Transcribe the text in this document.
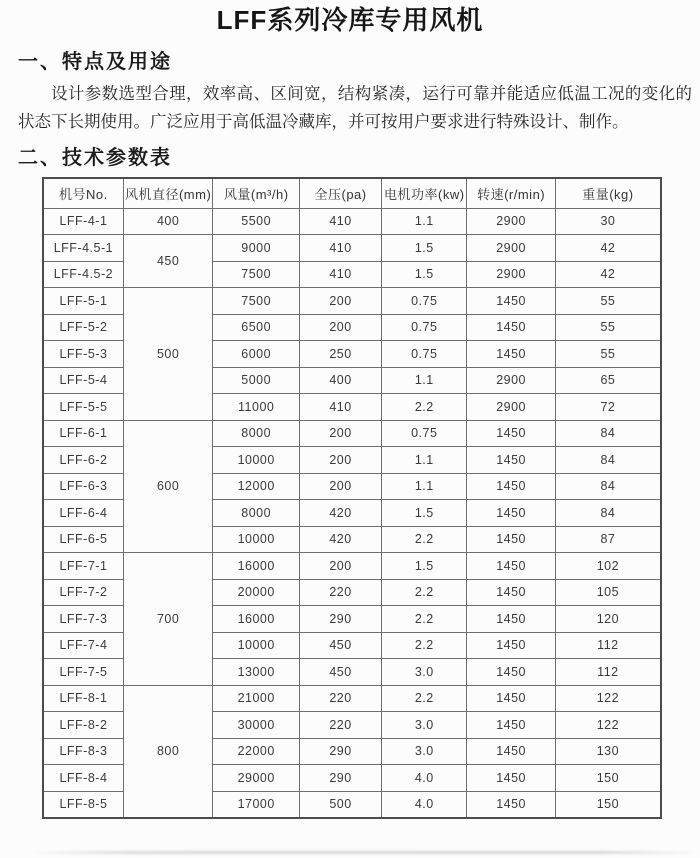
LFF系列冷库专用风机
一、特点及用途

设计参数选型合理，效率高、区间宽，结构紧凑，运行可靠并能适应低温工况的变化的状态下长期使用。广泛应用于高低温冷藏库，并可按用户要求进行特殊设计、制作。

二、技术参数表
机号No.	风机直径(mm)	风量(m³/h)	全压(pa)	电机功率(kw)	转速(r/min)	重量(kg)
LFF-4-1	400	5500	410	1.1	2900	30
LFF-4.5-1	450	9000	410	1.5	2900	42
LFF-4.5-2		7500	410	1.5	2900	42
LFF-5-1	500	7500	200	0.75	1450	55
LFF-5-2		6500	200	0.75	1450	55
LFF-5-3		6000	250	0.75	1450	55
LFF-5-4		5000	400	1.1	2900	65
LFF-5-5		11000	410	2.2	2900	72
LFF-6-1	600	8000	200	0.75	1450	84
LFF-6-2		10000	200	1.1	1450	84
LFF-6-3		12000	200	1.1	1450	84
LFF-6-4		8000	420	1.5	1450	84
LFF-6-5		10000	420	2.2	1450	87
LFF-7-1	700	16000	200	1.5	1450	102
LFF-7-2		20000	220	2.2	1450	105
LFF-7-3		16000	290	2.2	1450	120
LFF-7-4		10000	450	2.2	1450	112
LFF-7-5		13000	450	3.0	1450	112
LFF-8-1	800	21000	220	2.2	1450	122
LFF-8-2		30000	220	3.0	1450	122
LFF-8-3		22000	290	3.0	1450	130
LFF-8-4		29000	290	4.0	1450	150
LFF-8-5		17000	500	4.0	1450	150
